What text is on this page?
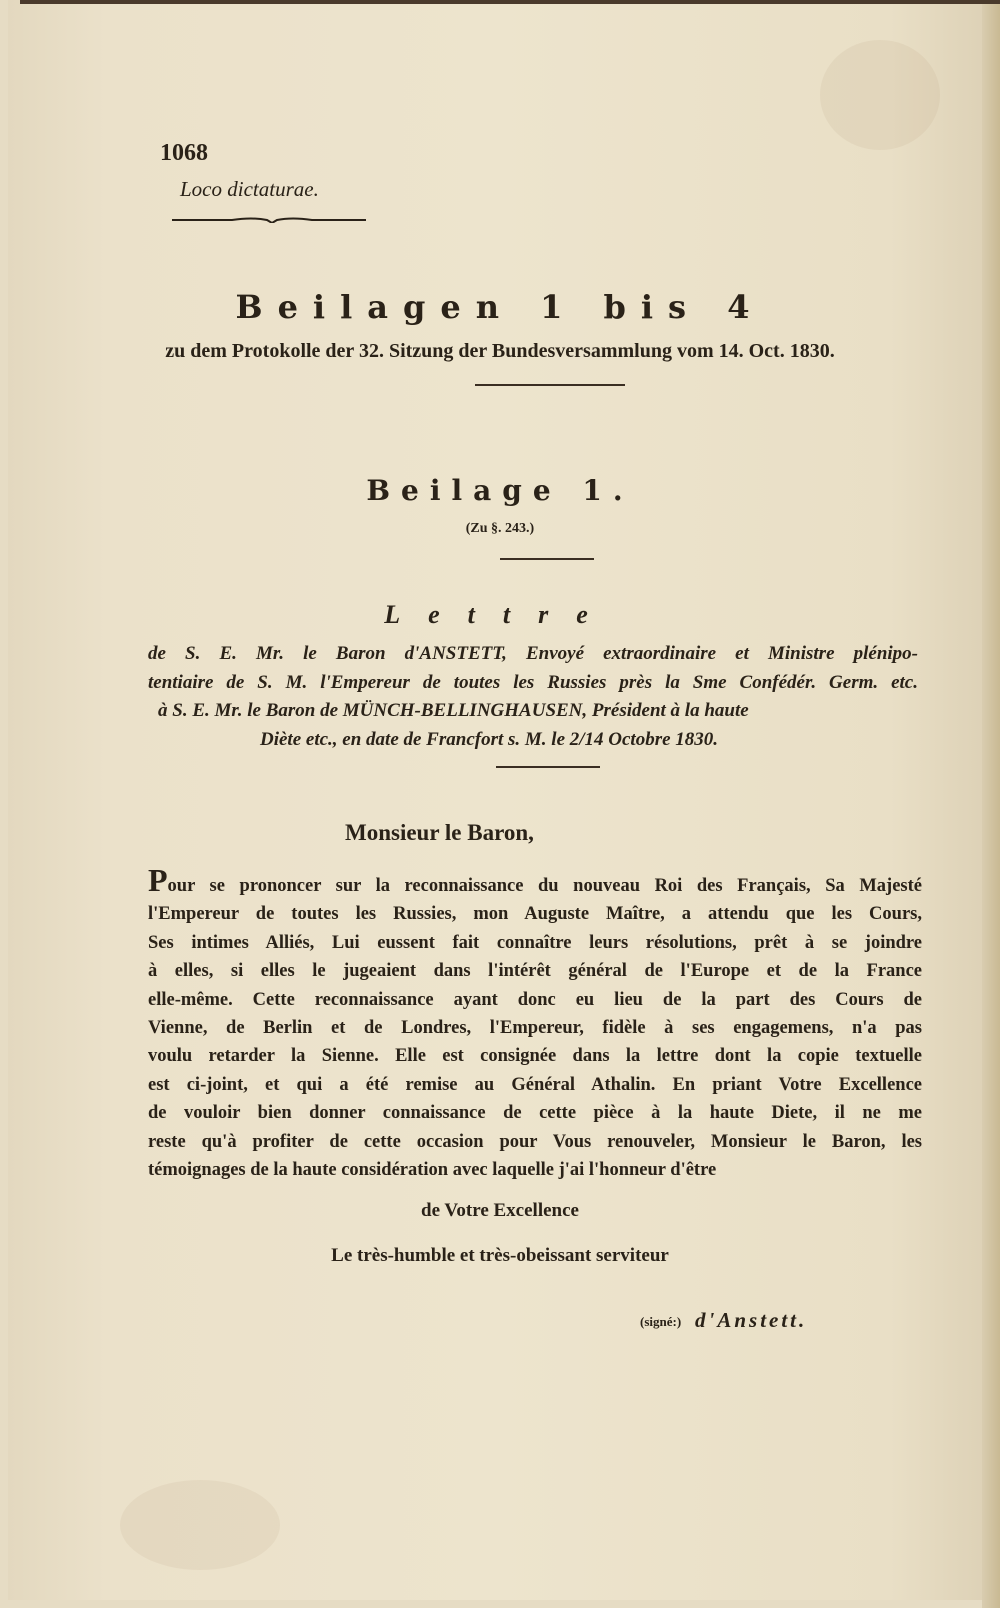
1068
Loco dictaturae.
Beilagen 1 bis 4
zu dem Protokolle der 32. Sitzung der Bundesversammlung vom 14. Oct. 1830.
Beilage 1.
(Zu §. 243.)
Lettre
de S. E. Mr. le Baron d'ANSTETT, Envoyé extraordinaire et Ministre plénipo-
tentiaire de S. M. l'Empereur de toutes les Russies près la Sme Confédér. Germ. etc.
à S. E. Mr. le Baron de MÜNCH-BELLINGHAUSEN, Président à la haute
Diète etc., en date de Francfort s. M. le 2/14 Octobre 1830.
Monsieur le Baron,
Pour se prononcer sur la reconnaissance du nouveau Roi des Français, Sa Majesté
l'Empereur de toutes les Russies, mon Auguste Maître, a attendu que les Cours,
Ses intimes Alliés, Lui eussent fait connaître leurs résolutions, prêt à se joindre
à elles, si elles le jugeaient dans l'intérêt général de l'Europe et de la France
elle-même. Cette reconnaissance ayant donc eu lieu de la part des Cours de
Vienne, de Berlin et de Londres, l'Empereur, fidèle à ses engagemens, n'a pas
voulu retarder la Sienne. Elle est consignée dans la lettre dont la copie textuelle
est ci-joint, et qui a été remise au Général Athalin. En priant Votre Excellence
de vouloir bien donner connaissance de cette pièce à la haute Diete, il ne me
reste qu'à profiter de cette occasion pour Vous renouveler, Monsieur le Baron, les
témoignages de la haute considération avec laquelle j'ai l'honneur d'être
de Votre Excellence
Le très-humble et très-obeissant serviteur
(signé:) d'Anstett.
